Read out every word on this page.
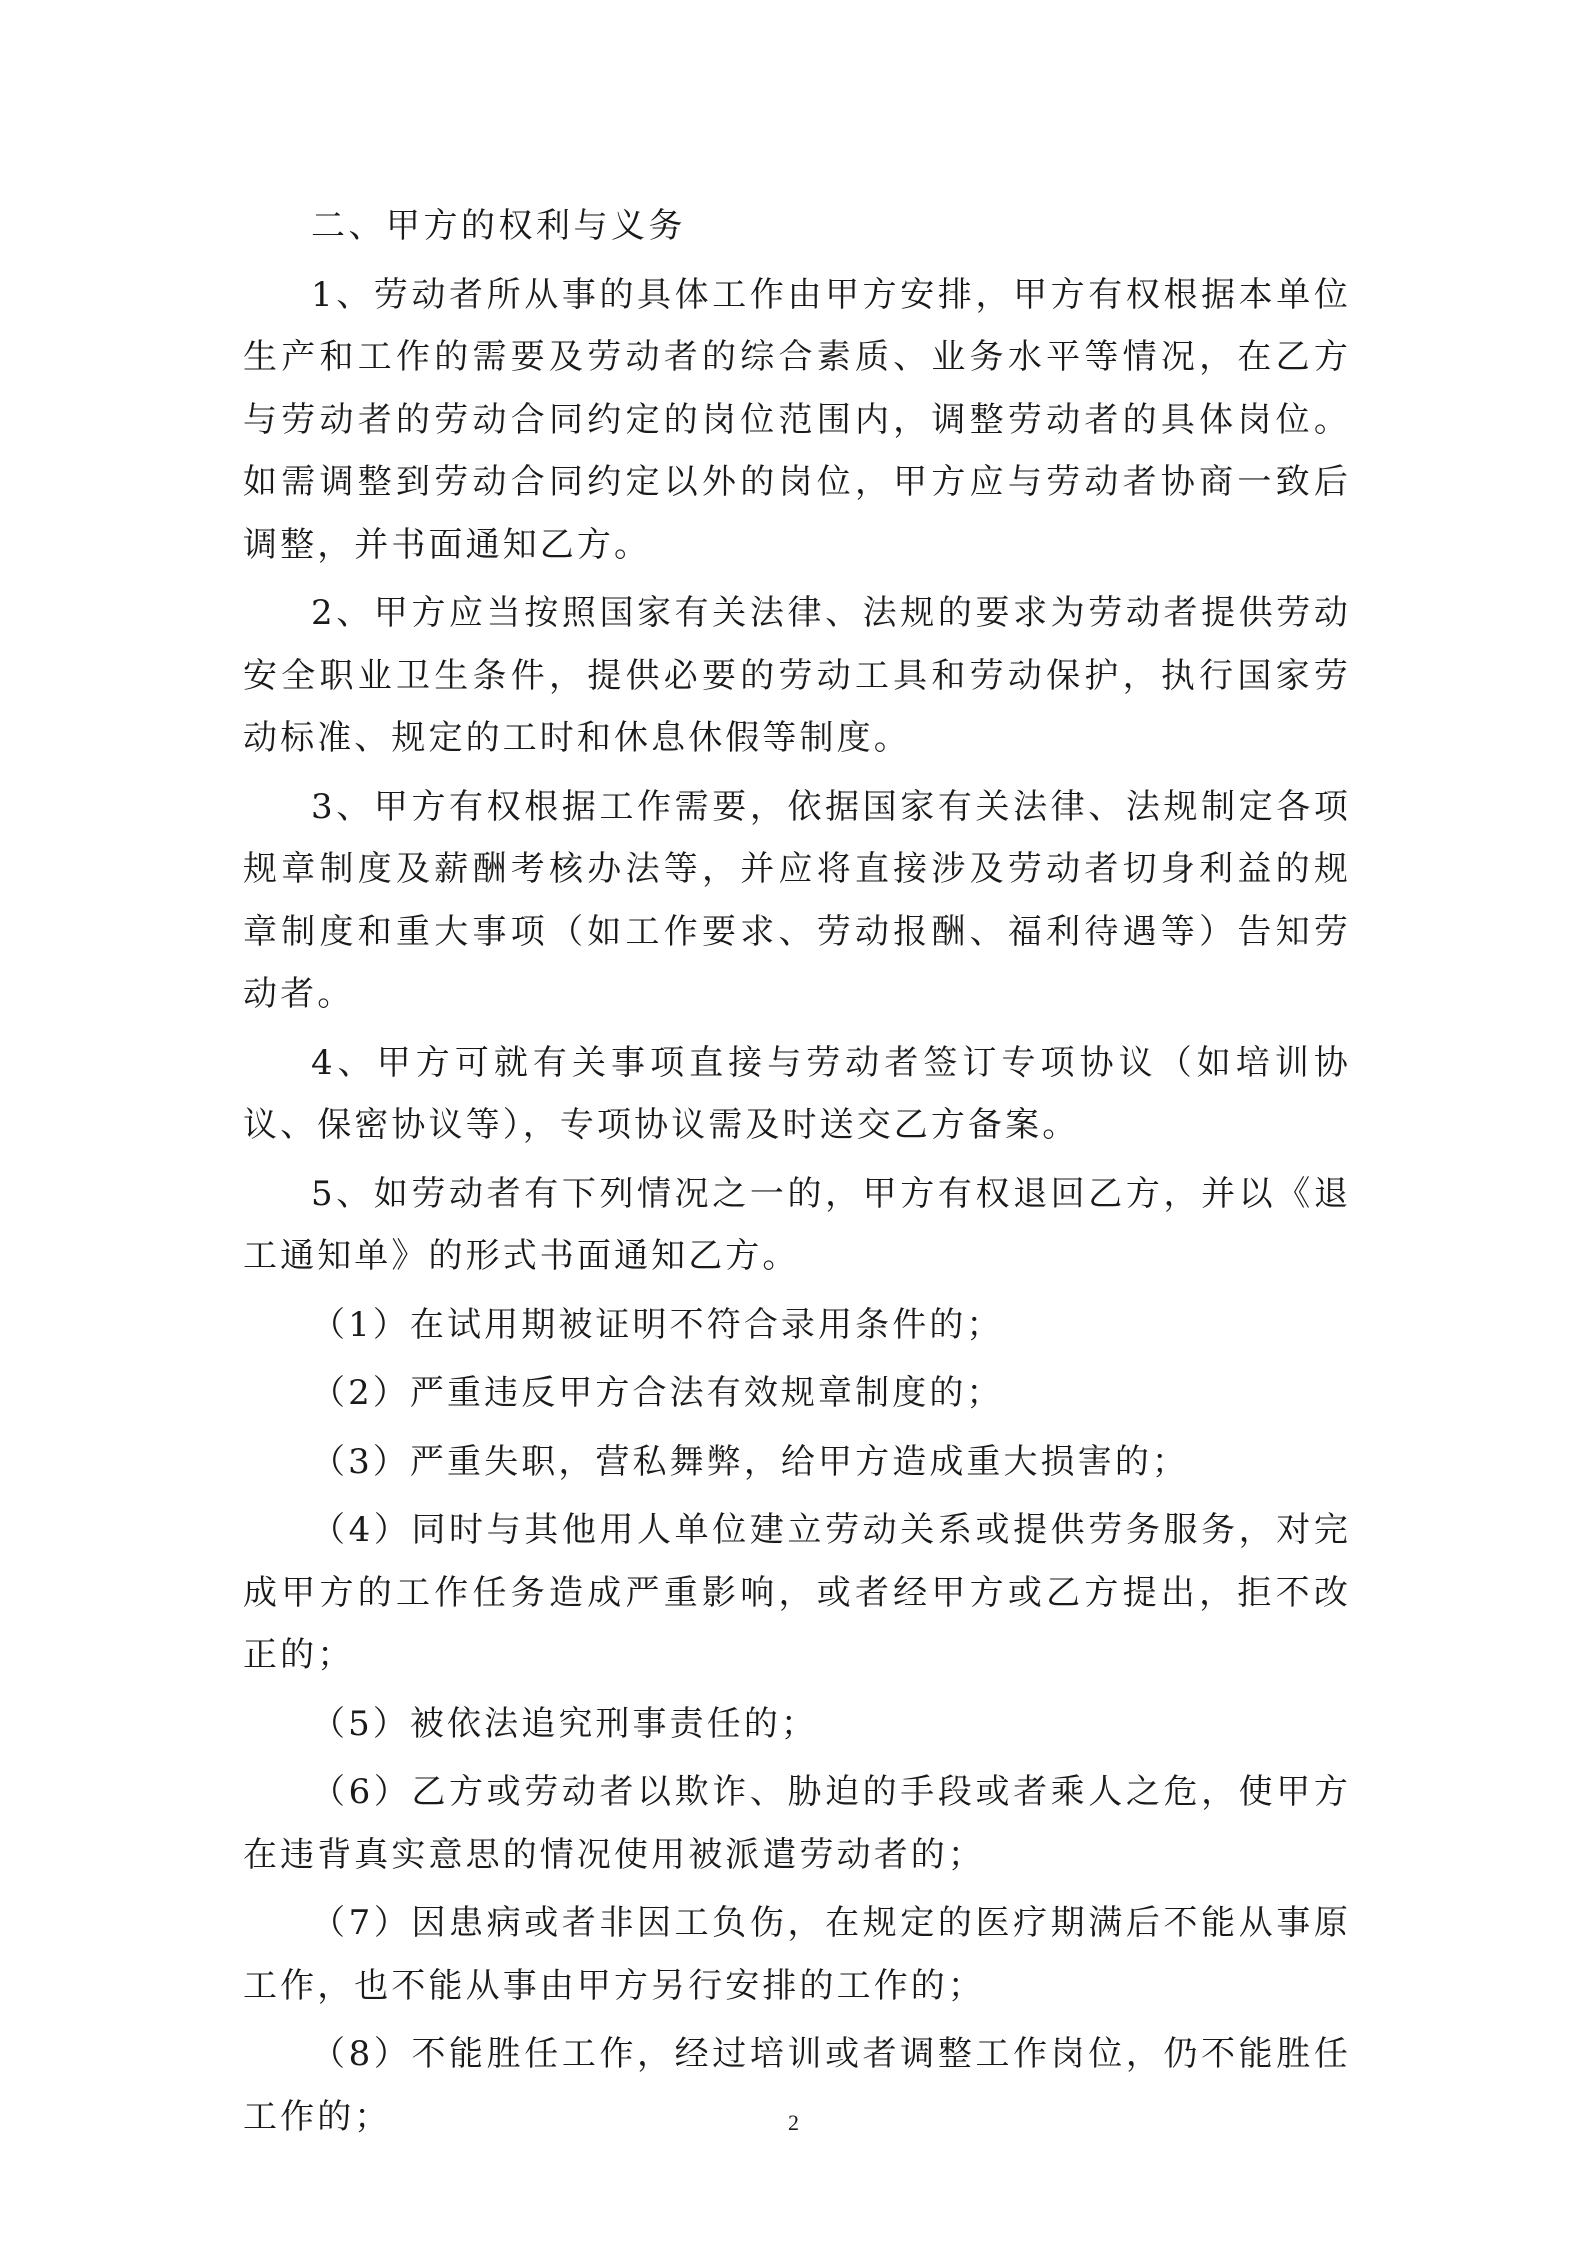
二、甲方的权利与义务

1、劳动者所从事的具体工作由甲方安排，甲方有权根据本单位生产和工作的需要及劳动者的综合素质、业务水平等情况，在乙方与劳动者的劳动合同约定的岗位范围内，调整劳动者的具体岗位。如需调整到劳动合同约定以外的岗位，甲方应与劳动者协商一致后调整，并书面通知乙方。

2、甲方应当按照国家有关法律、法规的要求为劳动者提供劳动安全职业卫生条件，提供必要的劳动工具和劳动保护，执行国家劳动标准、规定的工时和休息休假等制度。

3、甲方有权根据工作需要，依据国家有关法律、法规制定各项规章制度及薪酬考核办法等，并应将直接涉及劳动者切身利益的规章制度和重大事项（如工作要求、劳动报酬、福利待遇等）告知劳动者。

4、甲方可就有关事项直接与劳动者签订专项协议（如培训协议、保密协议等），专项协议需及时送交乙方备案。

5、如劳动者有下列情况之一的，甲方有权退回乙方，并以《退工通知单》的形式书面通知乙方。

（1）在试用期被证明不符合录用条件的；

（2）严重违反甲方合法有效规章制度的；

（3）严重失职，营私舞弊，给甲方造成重大损害的；

（4）同时与其他用人单位建立劳动关系或提供劳务服务，对完成甲方的工作任务造成严重影响，或者经甲方或乙方提出，拒不改正的；

（5）被依法追究刑事责任的；

（6）乙方或劳动者以欺诈、胁迫的手段或者乘人之危，使甲方在违背真实意思的情况使用被派遣劳动者的；

（7）因患病或者非因工负伤，在规定的医疗期满后不能从事原工作，也不能从事由甲方另行安排的工作的；

（8）不能胜任工作，经过培训或者调整工作岗位，仍不能胜任工作的；	2
